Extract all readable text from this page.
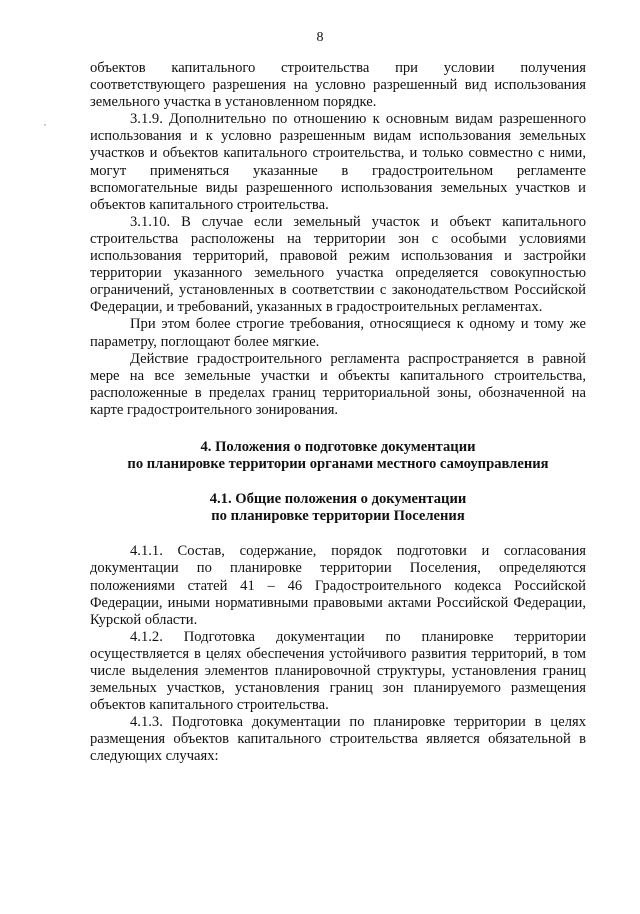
8

объектов капитального строительства при условии получения соответствующего разрешения на условно разрешенный вид использования земельного участка в установленном порядке.

3.1.9. Дополнительно по отношению к основным видам разрешенного использования и к условно разрешенным видам использования земельных участков и объектов капитального строительства, и только совместно с ними, могут применяться указанные в градостроительном регламенте вспомогательные виды разрешенного использования земельных участков и объектов капитального строительства.

3.1.10. В случае если земельный участок и объект капитального строительства расположены на территории зон с особыми условиями использования территорий, правовой режим использования и застройки территории указанного земельного участка определяется совокупностью ограничений, установленных в соответствии с законодательством Российской Федерации, и требований, указанных в градостроительных регламентах.

При этом более строгие требования, относящиеся к одному и тому же параметру, поглощают более мягкие.

Действие градостроительного регламента распространяется в равной мере на все земельные участки и объекты капитального строительства, расположенные в пределах границ территориальной зоны, обозначенной на карте градостроительного зонирования.

4. Положения о подготовке документации

по планировке территории органами местного самоуправления

4.1. Общие положения о документации

по планировке территории Поселения

4.1.1. Состав, содержание, порядок подготовки и согласования документации по планировке территории Поселения, определяются положениями статей 41 – 46 Градостроительного кодекса Российской Федерации, иными нормативными правовыми актами Российской Федерации, Курской области.

4.1.2. Подготовка документации по планировке территории осуществляется в целях обеспечения устойчивого развития территорий, в том числе выделения элементов планировочной структуры, установления границ земельных участков, установления границ зон планируемого размещения объектов капитального строительства.

4.1.3. Подготовка документации по планировке территории в целях размещения объектов капитального строительства является обязательной в следующих случаях:
